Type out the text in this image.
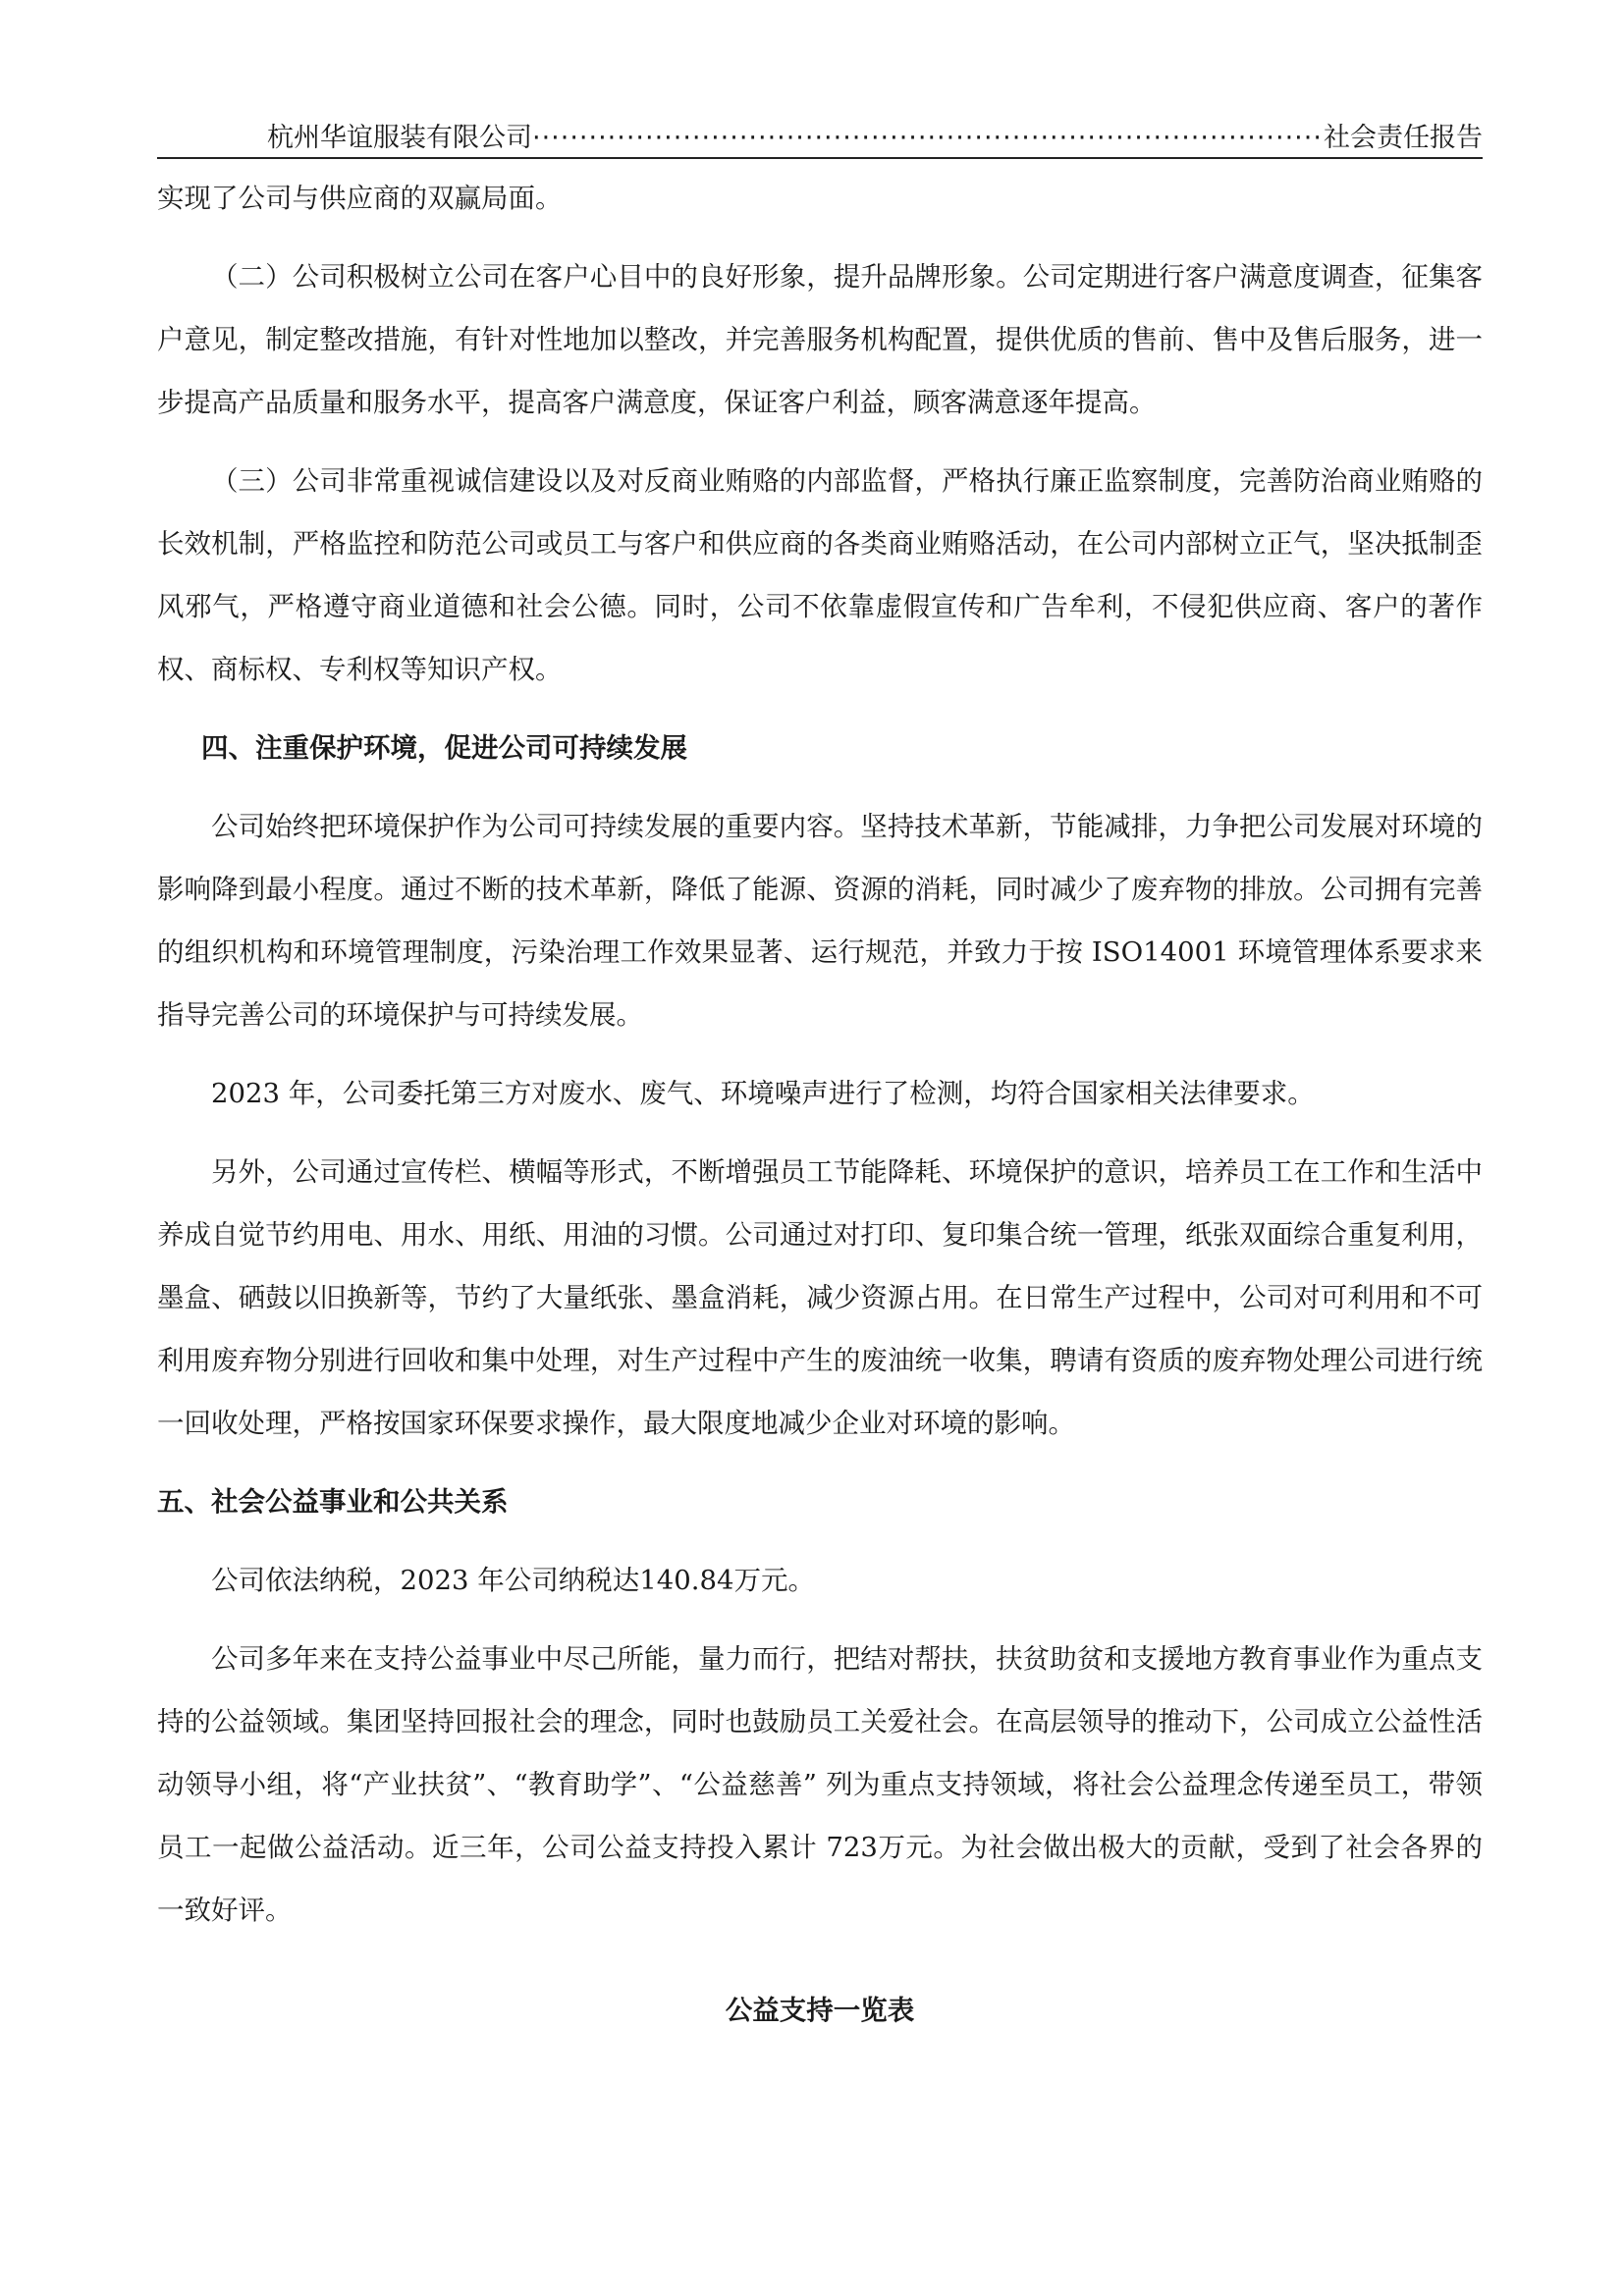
杭州华谊服装有限公司
·····	社会责任报告

实现了公司与供应商的双赢局面。

（二）公司积极树立公司在客户心目中的良好形象，提升品牌形象。公司定期进行客户满意度调查，征集客户意见，制定整改措施，有针对性地加以整改，并完善服务机构配置，提供优质的售前、售中及售后服务，进一步提高产品质量和服务水平，提高客户满意度，保证客户利益，顾客满意逐年提高。

（三）公司非常重视诚信建设以及对反商业贿赂的内部监督，严格执行廉正监察制度，完善防治商业贿赂的长效机制，严格监控和防范公司或员工与客户和供应商的各类商业贿赂活动，在公司内部树立正气，坚决抵制歪风邪气，严格遵守商业道德和社会公德。同时，公司不依靠虚假宣传和广告牟利，不侵犯供应商、客户的著作权、商标权、专利权等知识产权。

四、注重保护环境，促进公司可持续发展

公司始终把环境保护作为公司可持续发展的重要内容。坚持技术革新，节能减排，力争把公司发展对环境的影响降到最小程度。通过不断的技术革新，降低了能源、资源的消耗，同时减少了废弃物的排放。公司拥有完善的组织机构和环境管理制度，污染治理工作效果显著、运行规范，并致力于按 ISO14001 环境管理体系要求来指导完善公司的环境保护与可持续发展。

2023 年，公司委托第三方对废水、废气、环境噪声进行了检测，均符合国家相关法律要求。

另外，公司通过宣传栏、横幅等形式，不断增强员工节能降耗、环境保护的意识，培养员工在工作和生活中养成自觉节约用电、用水、用纸、用油的习惯。公司通过对打印、复印集合统一管理，纸张双面综合重复利用，墨盒、硒鼓以旧换新等，节约了大量纸张、墨盒消耗，减少资源占用。在日常生产过程中，公司对可利用和不可利用废弃物分别进行回收和集中处理，对生产过程中产生的废油统一收集，聘请有资质的废弃物处理公司进行统一回收处理，严格按国家环保要求操作，最大限度地减少企业对环境的影响。

五、社会公益事业和公共关系

公司依法纳税，2023 年公司纳税达140.84万元。

公司多年来在支持公益事业中尽己所能，量力而行，把结对帮扶，扶贫助贫和支援地方教育事业作为重点支持的公益领域。集团坚持回报社会的理念，同时也鼓励员工关爱社会。在高层领导的推动下，公司成立公益性活动领导小组，将“产业扶贫”、“教育助学”、“公益慈善” 列为重点支持领域，将社会公益理念传递至员工，带领员工一起做公益活动。近三年，公司公益支持投入累计 723万元。为社会做出极大的贡献，受到了社会各界的一致好评。

公益支持一览表
